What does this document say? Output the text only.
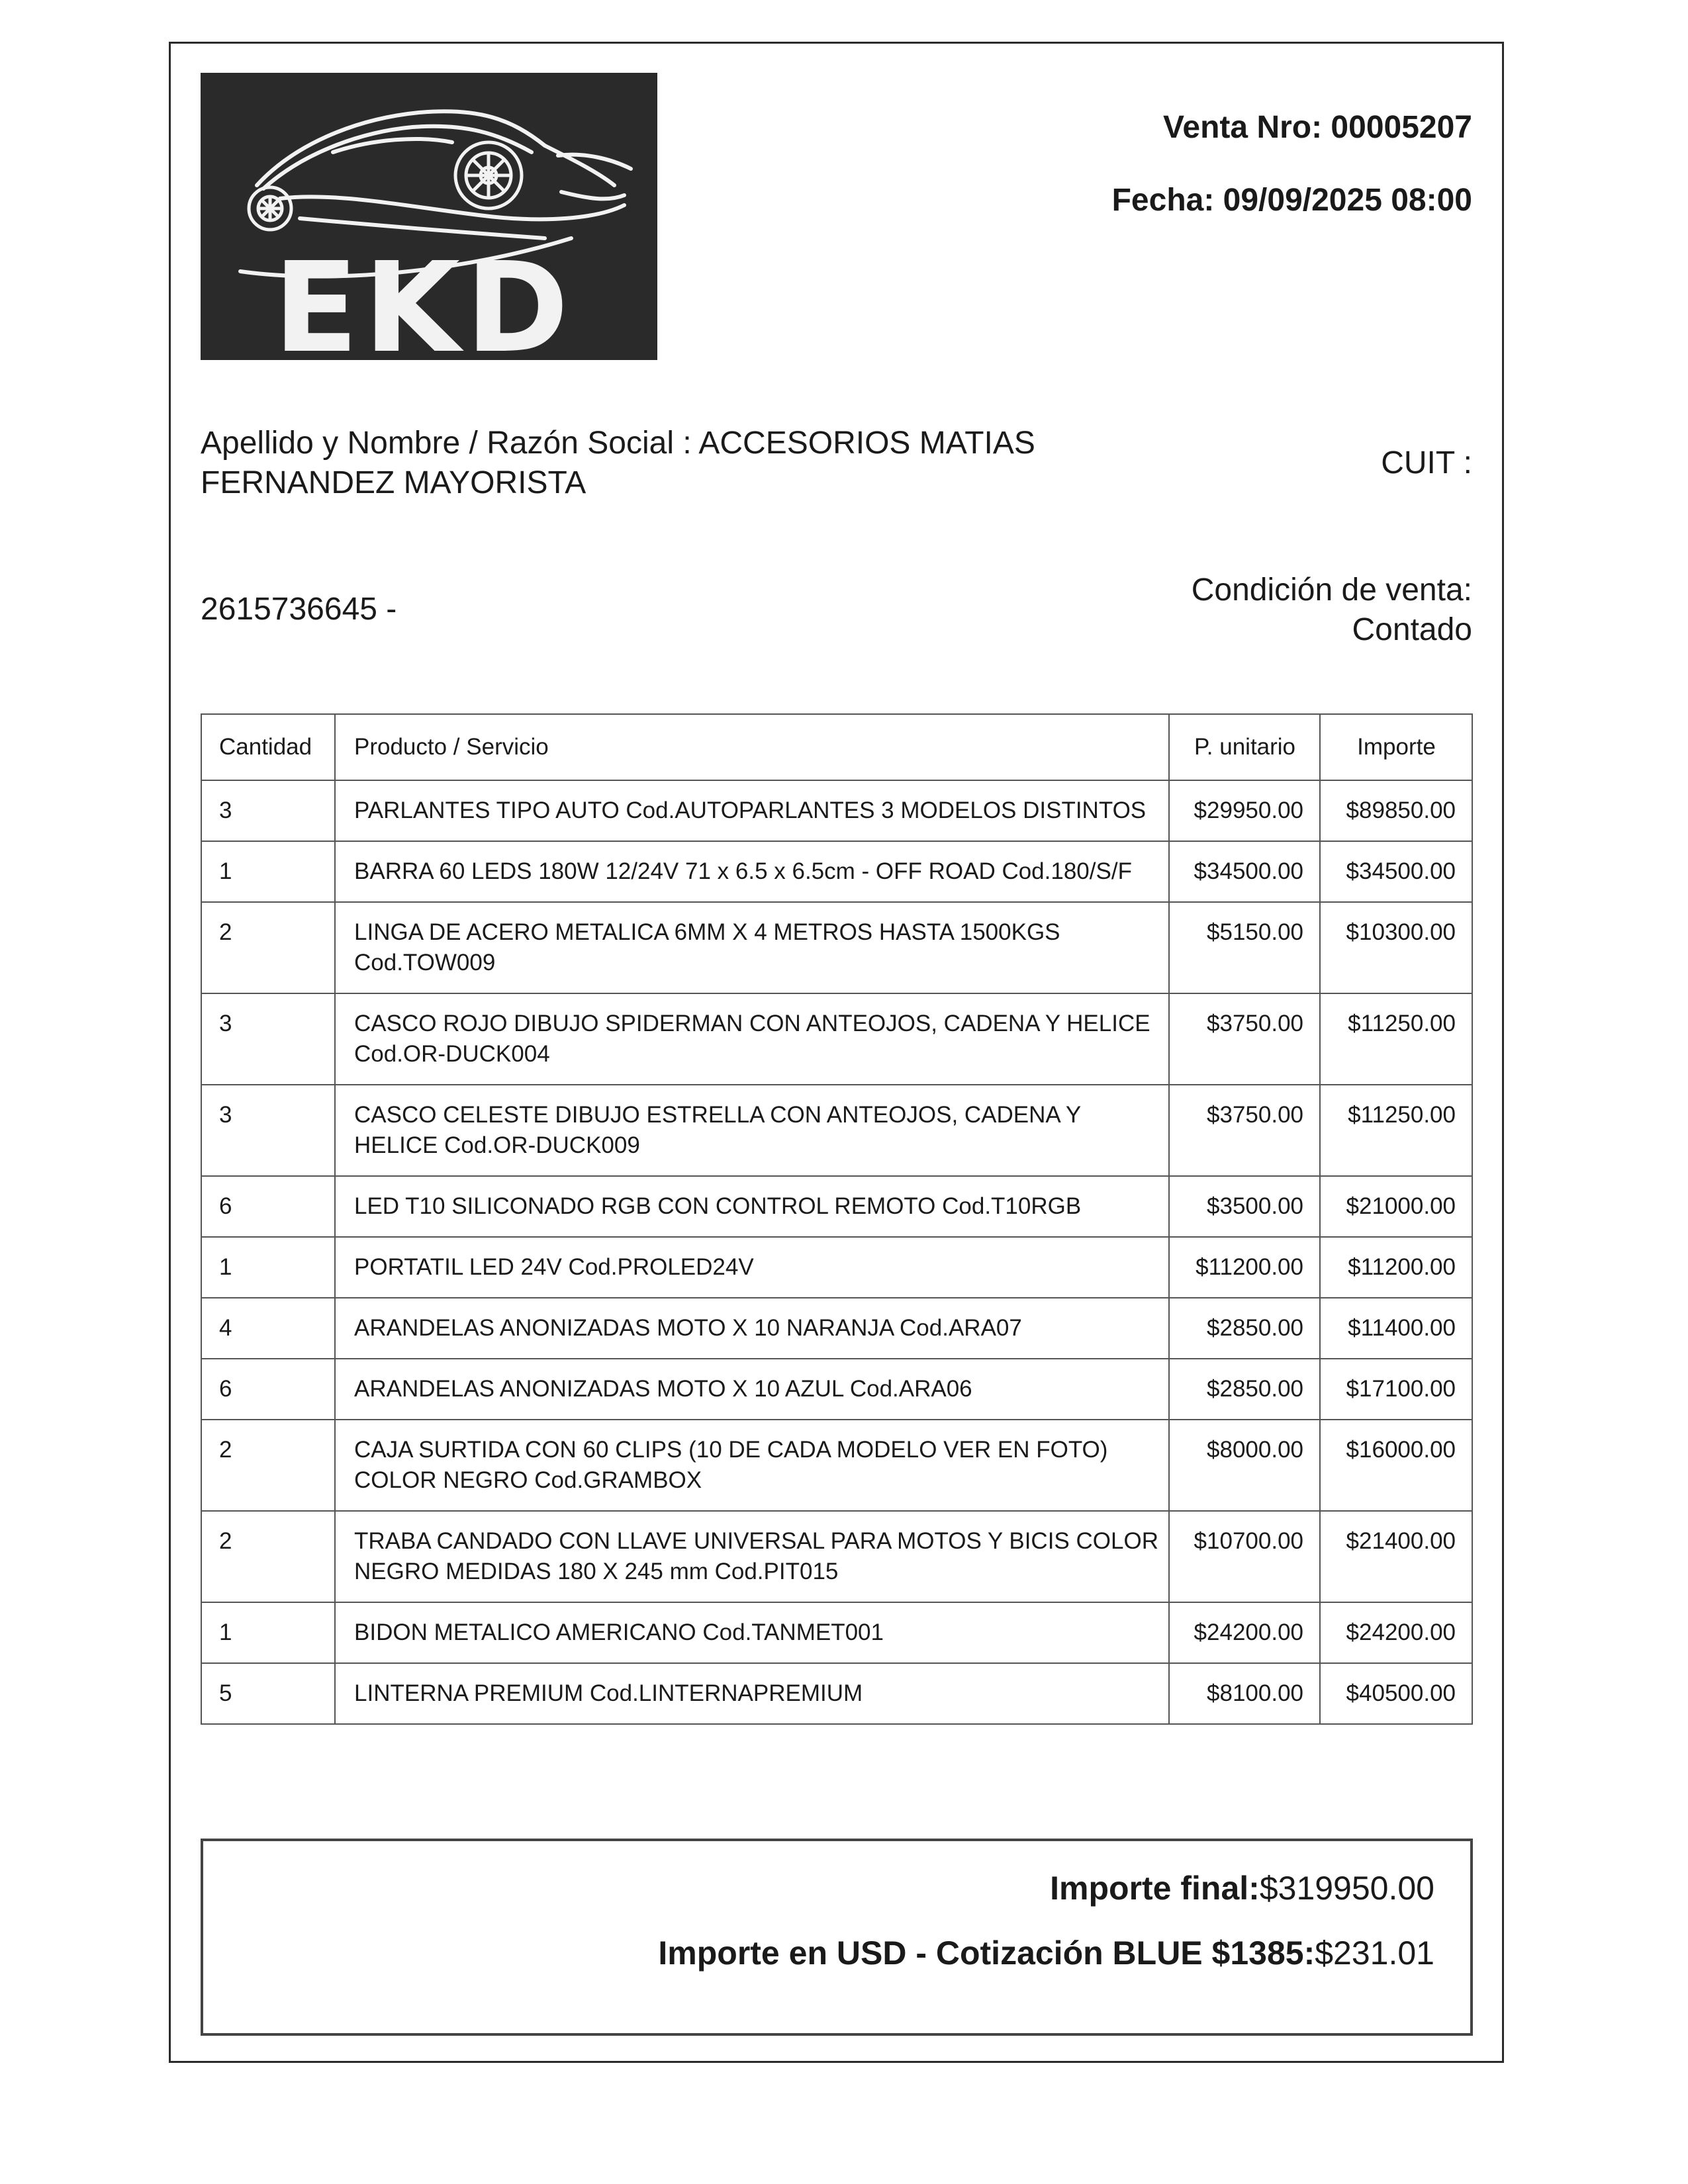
EKD
Venta Nro: 00005207
Fecha: 09/09/2025 08:00
Apellido y Nombre / Razón Social : ACCESORIOS MATIAS FERNANDEZ MAYORISTA
CUIT :
2615736645 -
Condición de venta:
Contado
Cantidad	Producto / Servicio	P. unitario	Importe
3	PARLANTES TIPO AUTO Cod.AUTOPARLANTES 3 MODELOS DISTINTOS	$29950.00	$89850.00
1	BARRA 60 LEDS 180W 12/24V 71 x 6.5 x 6.5cm - OFF ROAD Cod.180/S/F	$34500.00	$34500.00
2	LINGA DE ACERO METALICA 6MM X 4 METROS HASTA 1500KGS Cod.TOW009	$5150.00	$10300.00
3	CASCO ROJO DIBUJO SPIDERMAN CON ANTEOJOS, CADENA Y HELICE Cod.OR-DUCK004	$3750.00	$11250.00
3	CASCO CELESTE DIBUJO ESTRELLA CON ANTEOJOS, CADENA Y HELICE Cod.OR-DUCK009	$3750.00	$11250.00
6	LED T10 SILICONADO RGB CON CONTROL REMOTO Cod.T10RGB	$3500.00	$21000.00
1	PORTATIL LED 24V Cod.PROLED24V	$11200.00	$11200.00
4	ARANDELAS ANONIZADAS MOTO X 10 NARANJA Cod.ARA07	$2850.00	$11400.00
6	ARANDELAS ANONIZADAS MOTO X 10 AZUL Cod.ARA06	$2850.00	$17100.00
2	CAJA SURTIDA CON 60 CLIPS (10 DE CADA MODELO VER EN FOTO) COLOR NEGRO Cod.GRAMBOX	$8000.00	$16000.00
2	TRABA CANDADO CON LLAVE UNIVERSAL PARA MOTOS Y BICIS COLOR NEGRO MEDIDAS 180 X 245 mm Cod.PIT015	$10700.00	$21400.00
1	BIDON METALICO AMERICANO Cod.TANMET001	$24200.00	$24200.00
5	LINTERNA PREMIUM Cod.LINTERNAPREMIUM	$8100.00	$40500.00
Importe final:$319950.00
Importe en USD - Cotización BLUE $1385:$231.01
